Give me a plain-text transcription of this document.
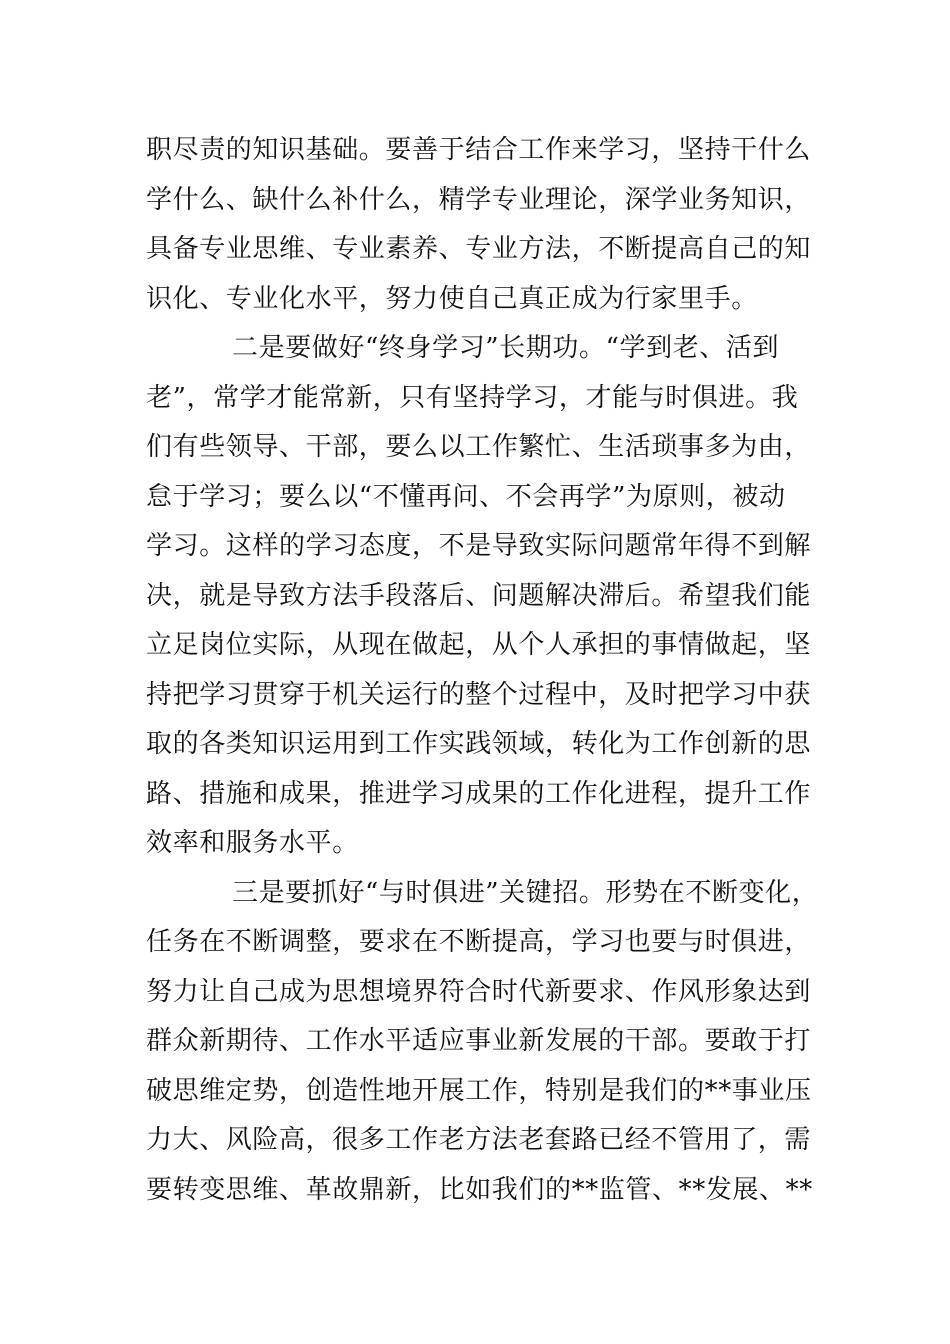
职尽责的知识基础。要善于结合工作来学习，坚持干什么
学什么、缺什么补什么，精学专业理论，深学业务知识，
具备专业思维、专业素养、专业方法，不断提高自己的知
识化、专业化水平，努力使自己真正成为行家里手。
二是要做好“终身学习”长期功。“学到老、活到
老”，常学才能常新，只有坚持学习，才能与时俱进。我
们有些领导、干部，要么以工作繁忙、生活琐事多为由，
怠于学习；要么以“不懂再问、不会再学”为原则，被动
学习。这样的学习态度，不是导致实际问题常年得不到解
决，就是导致方法手段落后、问题解决滞后。希望我们能
立足岗位实际，从现在做起，从个人承担的事情做起，坚
持把学习贯穿于机关运行的整个过程中，及时把学习中获
取的各类知识运用到工作实践领域，转化为工作创新的思
路、措施和成果，推进学习成果的工作化进程，提升工作
效率和服务水平。
三是要抓好“与时俱进”关键招。形势在不断变化，
任务在不断调整，要求在不断提高，学习也要与时俱进，
努力让自己成为思想境界符合时代新要求、作风形象达到
群众新期待、工作水平适应事业新发展的干部。要敢于打
破思维定势，创造性地开展工作，特别是我们的**事业压
力大、风险高，很多工作老方法老套路已经不管用了，需
要转变思维、革故鼎新，比如我们的**监管、**发展、**
